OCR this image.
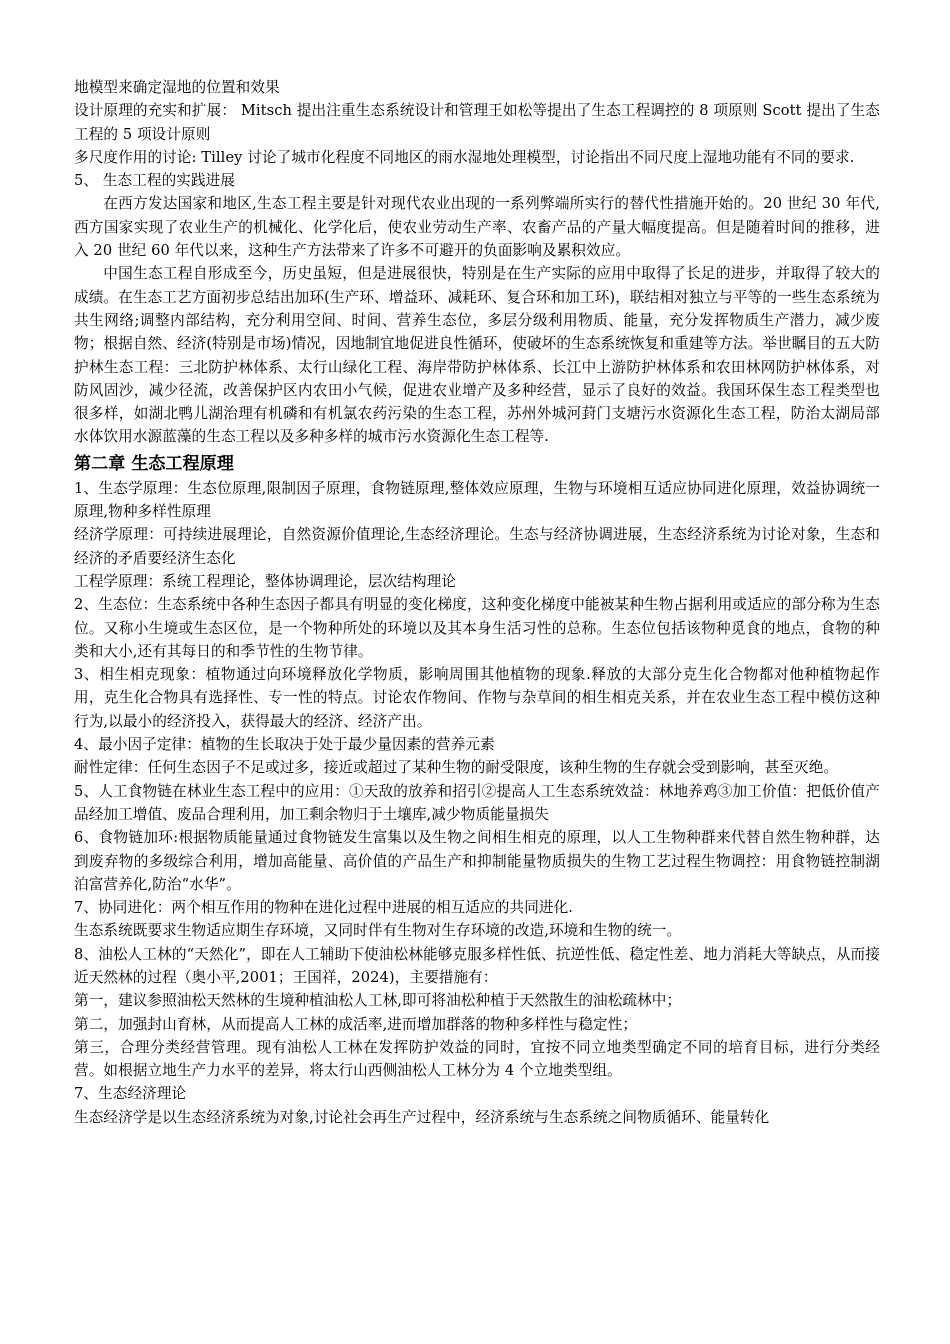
地模型来确定湿地的位置和效果

设计原理的充实和扩展： Mitsch 提出注重生态系统设计和管理王如松等提出了生态工程调控的 8 项原则 Scott 提出了生态工程的 5 项设计原则

多尺度作用的讨论: Tilley 讨论了城市化程度不同地区的雨水湿地处理模型，讨论指出不同尺度上湿地功能有不同的要求.

5、 生态工程的实践进展

在西方发达国家和地区,生态工程主要是针对现代农业出现的一系列弊端所实行的替代性措施开始的。20 世纪 30 年代,西方国家实现了农业生产的机械化、化学化后，使农业劳动生产率、农畜产品的产量大幅度提高。但是随着时间的推移，进入 20 世纪 60 年代以来，这种生产方法带来了许多不可避开的负面影响及累积效应。

中国生态工程自形成至今，历史虽短，但是进展很快，特别是在生产实际的应用中取得了长足的进步，并取得了较大的成绩。在生态工艺方面初步总结出加环(生产环、增益环、减耗环、复合环和加工环)，联结相对独立与平等的一些生态系统为共生网络;调整内部结构，充分利用空间、时间、营养生态位，多层分级利用物质、能量，充分发挥物质生产潜力，减少废物；根据自然、经济(特别是市场)情况，因地制宜地促进良性循环，使破坏的生态系统恢复和重建等方法。举世瞩目的五大防护林生态工程：三北防护林体系、太行山绿化工程、海岸带防护林体系、长江中上游防护林体系和农田林网防护林体系，对防风固沙，减少径流，改善保护区内农田小气候，促进农业增产及多种经营，显示了良好的效益。我国环保生态工程类型也很多样，如湖北鸭儿湖治理有机磷和有机氯农药污染的生态工程，苏州外城河葑门支塘污水资源化生态工程，防治太湖局部水体饮用水源蓝藻的生态工程以及多种多样的城市污水资源化生态工程等.

第二章 生态工程原理

1、生态学原理：生态位原理,限制因子原理，食物链原理,整体效应原理，生物与环境相互适应协同进化原理，效益协调统一原理,物种多样性原理

经济学原理：可持续进展理论，自然资源价值理论,生态经济理论。生态与经济协调进展，生态经济系统为讨论对象，生态和经济的矛盾要经济生态化

工程学原理：系统工程理论，整体协调理论，层次结构理论

2、生态位：生态系统中各种生态因子都具有明显的变化梯度，这种变化梯度中能被某种生物占据利用或适应的部分称为生态位。又称小生境或生态区位，是一个物种所处的环境以及其本身生活习性的总称。生态位包括该物种觅食的地点，食物的种类和大小,还有其每日的和季节性的生物节律。

3、相生相克现象：植物通过向环境释放化学物质，影响周围其他植物的现象.释放的大部分克生化合物都对他种植物起作用，克生化合物具有选择性、专一性的特点。讨论农作物间、作物与杂草间的相生相克关系，并在农业生态工程中模仿这种行为,以最小的经济投入，获得最大的经济、经济产出。

4、最小因子定律：植物的生长取决于处于最少量因素的营养元素

耐性定律：任何生态因子不足或过多，接近或超过了某种生物的耐受限度，该种生物的生存就会受到影响，甚至灭绝。

5、人工食物链在林业生态工程中的应用：①天敌的放养和招引②提高人工生态系统效益：林地养鸡③加工价值：把低价值产品经加工增值、废品合理利用，加工剩余物归于土壤库,减少物质能量损失

6、食物链加环:根据物质能量通过食物链发生富集以及生物之间相生相克的原理，以人工生物种群来代替自然生物种群，达到废弃物的多级综合利用，增加高能量、高价值的产品生产和抑制能量物质损失的生物工艺过程生物调控：用食物链控制湖泊富营养化,防治“水华”。

7、协同进化：两个相互作用的物种在进化过程中进展的相互适应的共同进化.

生态系统既要求生物适应期生存环境，又同时伴有生物对生存环境的改造,环境和生物的统一。

8、油松人工林的“天然化”，即在人工辅助下使油松林能够克服多样性低、抗逆性低、稳定性差、地力消耗大等缺点，从而接近天然林的过程（奥小平,2001；王国祥，2024)，主要措施有：

第一，建议参照油松天然林的生境种植油松人工林,即可将油松种植于天然散生的油松疏林中；

第二，加强封山育林，从而提高人工林的成活率,进而增加群落的物种多样性与稳定性；

第三，合理分类经营管理。现有油松人工林在发挥防护效益的同时，宜按不同立地类型确定不同的培育目标，进行分类经营。如根据立地生产力水平的差异，将太行山西侧油松人工林分为 4 个立地类型组。

7、生态经济理论

生态经济学是以生态经济系统为对象,讨论社会再生产过程中，经济系统与生态系统之间物质循环、能量转化
